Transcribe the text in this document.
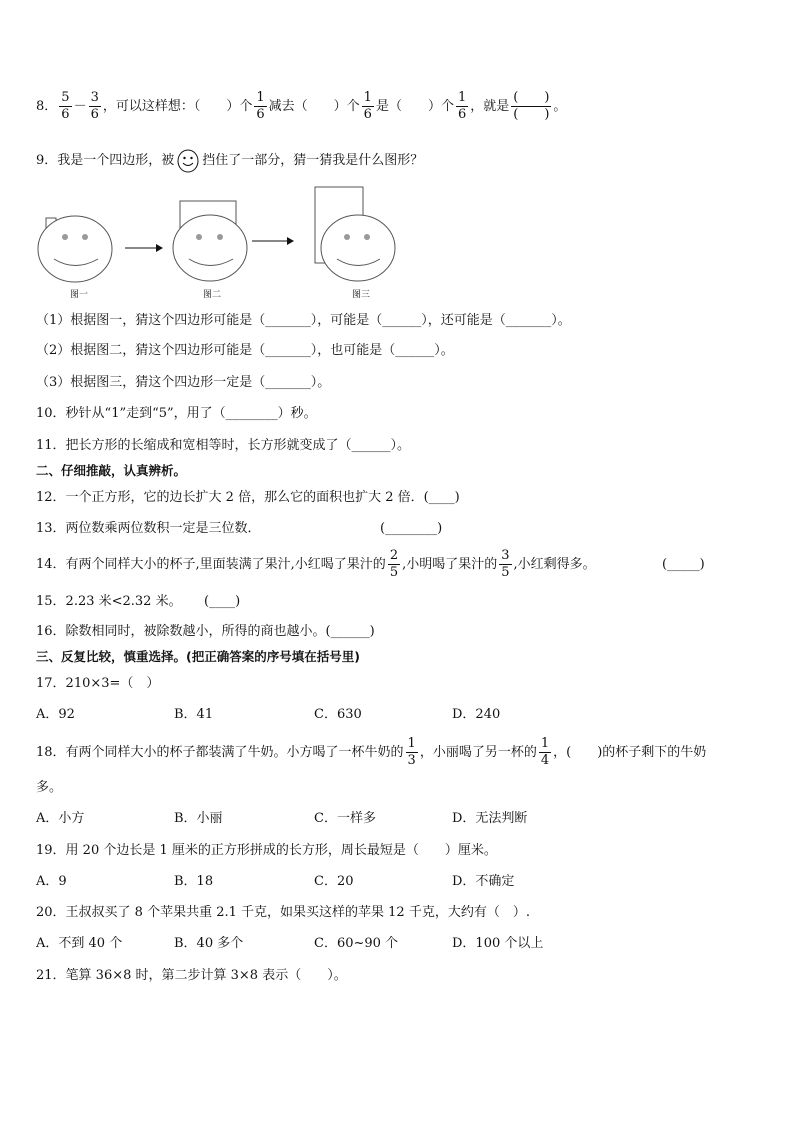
8． $\frac{5}{6} - \frac{3}{6}$ ，可以这样想：（　　）个 $\frac{1}{6}$ 减去（　　）个 $\frac{1}{6}$ 是（　　）个 $\frac{1}{6}$ ，就是 $\frac{( )}{( )}$ 。
9．我是一个四边形，被 挡住了一部分，猜一猜我是什么图形？
图一	图二	图三
（1）根据图一，猜这个四边形可能是（_______），可能是（______），还可能是（_______）。
（2）根据图二，猜这个四边形可能是（_______），也可能是（______）。
（3）根据图三，猜这个四边形一定是（_______）。
10．秒针从“1”走到“5”，用了（________）秒。
11．把长方形的长缩成和宽相等时，长方形就变成了（______）。
二、仔细推敲，认真辨析。
12．一个正方形，它的边长扩大 2 倍，那么它的面积也扩大 2 倍．(____)
13．两位数乘两位数积一定是三位数．	(________)
14．有两个同样大小的杯子,里面装满了果汁,小红喝了果汁的 $\frac{2}{5}$ ,小明喝了果汁的 $\frac{3}{5}$ ,小红剩得多。	(_____)
15．2.23 米<2.32 米。 (____)
16．除数相同时，被除数越小，所得的商也越小。(______)
三、反复比较，慎重选择。(把正确答案的序号填在括号里)
17．210×3=（　）
A．92	B．41	C．630	D．240
18．有两个同样大小的杯子都装满了牛奶。小方喝了一杯牛奶的 $\frac{1}{3}$ ，小丽喝了另一杯的 $\frac{1}{4}$ ，(　　)的杯子剩下的牛奶
多。
A．小方	B．小丽	C．一样多	D．无法判断
19．用 20 个边长是 1 厘米的正方形拼成的长方形，周长最短是（　　）厘米。
A．9	B．18	C．20	D．不确定
20．王叔叔买了 8 个苹果共重 2.1 千克，如果买这样的苹果 12 千克，大约有（　）.
A．不到 40 个	B．40 多个	C．60~90 个	D．100 个以上
21．笔算 36×8 时，第二步计算 3×8 表示（　　）。
